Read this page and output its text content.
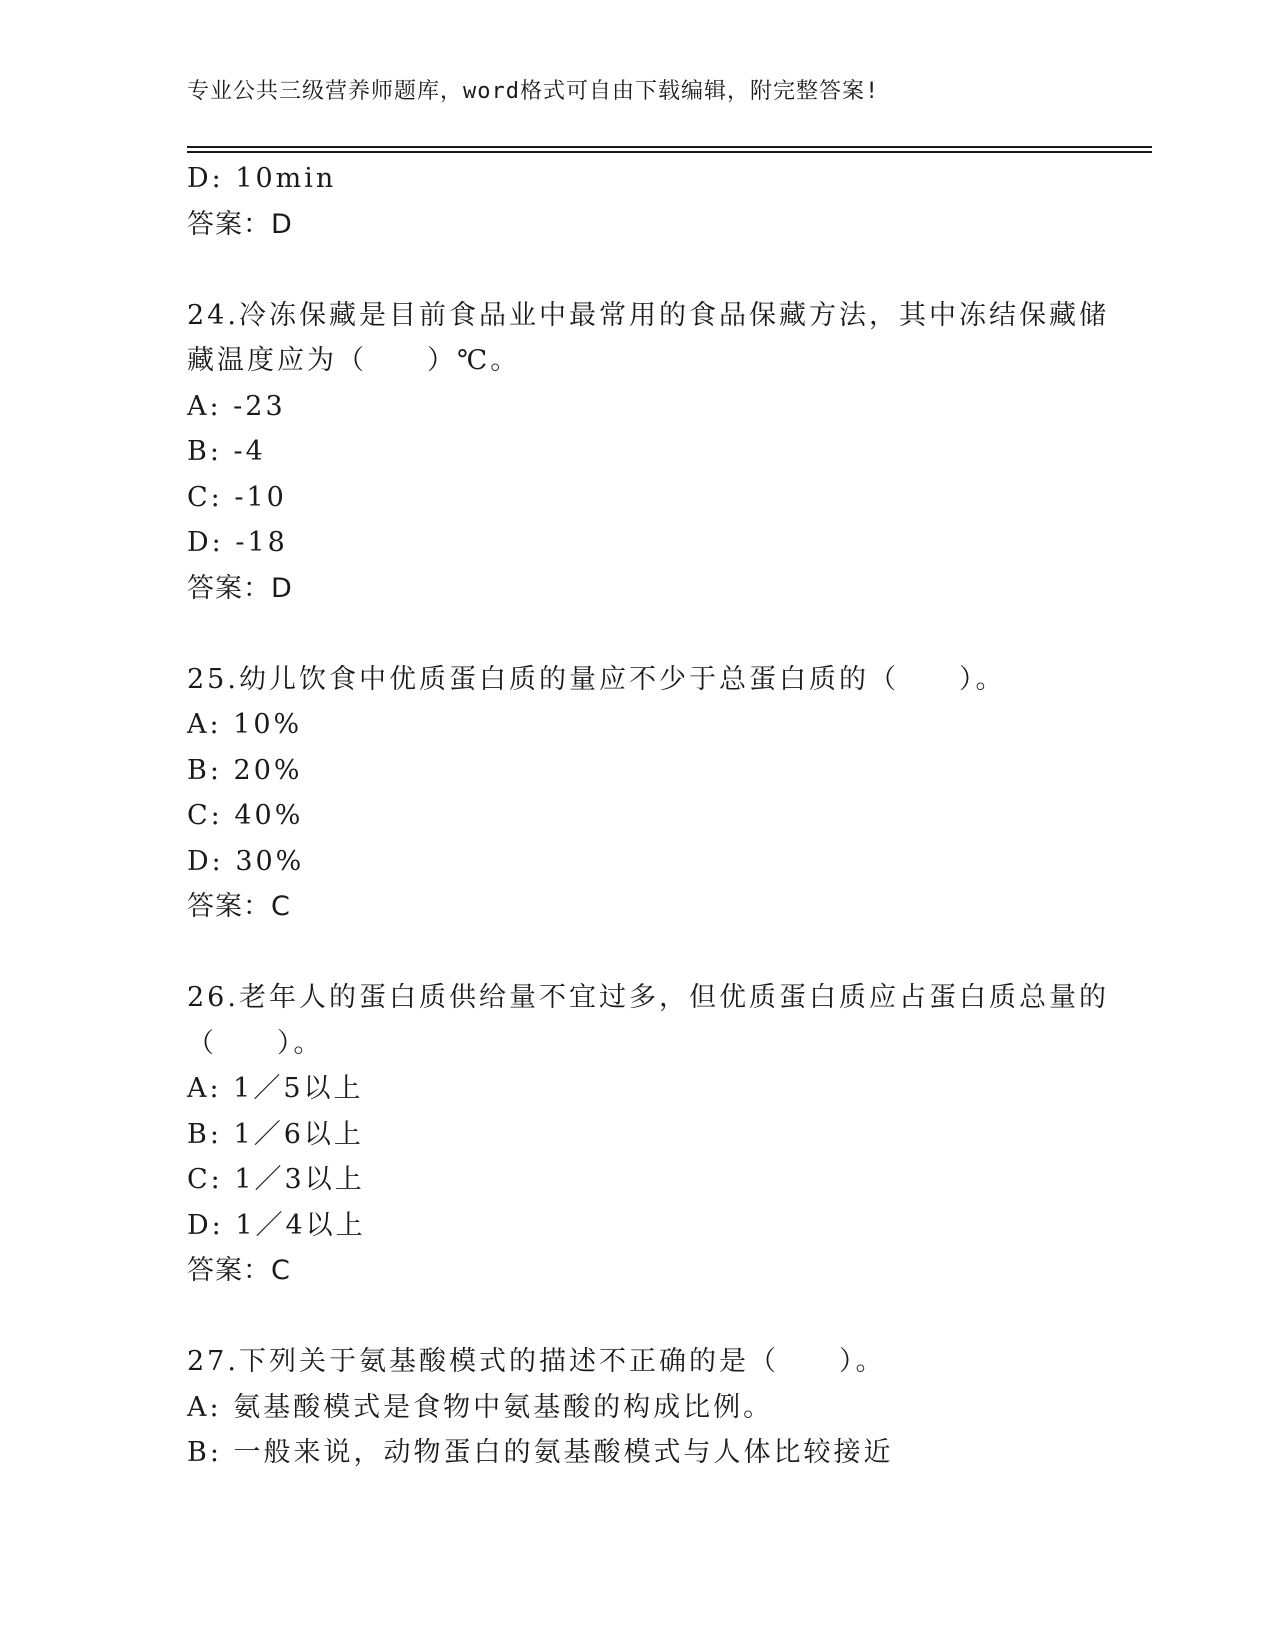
专业公共三级营养师题库，word格式可自由下载编辑，附完整答案!
D: 10min
答案：D
24.冷冻保藏是目前食品业中最常用的食品保藏方法，其中冻结保藏储
藏温度应为（　　）℃。
A: -23
B: -4
C: -10
D: -18
答案：D
25.幼儿饮食中优质蛋白质的量应不少于总蛋白质的（　　）。
A: 10%
B: 20%
C: 40%
D: 30%
答案：C
26.老年人的蛋白质供给量不宜过多，但优质蛋白质应占蛋白质总量的
（　　）。
A: 1／5以上
B: 1／6以上
C: 1／3以上
D: 1／4以上
答案：C
27.下列关于氨基酸模式的描述不正确的是（　　）。
A: 氨基酸模式是食物中氨基酸的构成比例。
B: 一般来说，动物蛋白的氨基酸模式与人体比较接近
